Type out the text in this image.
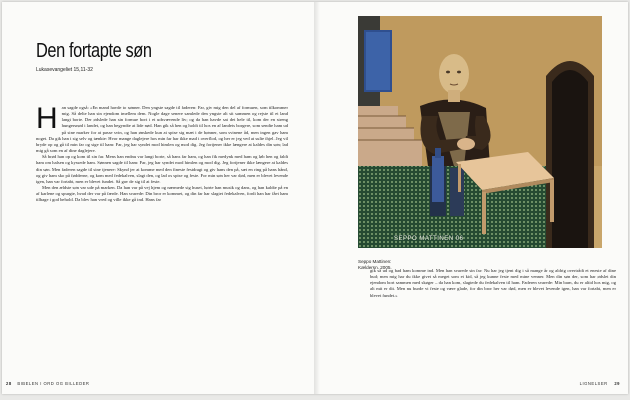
Den fortapte søn
Lukasevangeliet 15,11-32
H an sagde også: «En mand havde to sønner. Den yngste sagde til faderen: Far, giv mig den del af formuen, som tilkommer mig. Så delte han sin ejendom imellem dem. Nogle dage senere samlede den yngste alt sit sammen og rejste til et land langt borte. Der ødslede han sin formue bort i et udsvævende liv; og da han havde sat det hele til, kom der en streng hungersnød i landet, og han begyndte at lide nød. Han gik så hen og holdt til hos en af landets borgere, som sendte ham ud på sine marker for at passe svin, og han ønskede kun at spise sig mæt i de bønner, som svinene åd, men ingen gav ham noget. Da gik han i sig selv og tænkte: Hvor mange daglejere hos min far har ikke mad i overflod, og her er jeg ved at sulte ihjel. Jeg vil bryde op og gå til min far og sige til ham: Far, jeg har syndet mod himlen og mod dig. Jeg fortjener ikke længere at kaldes din søn; lad mig gå som en af dine daglejere.

Så brød han op og kom til sin far. Mens han endnu var langt borte, så hans far ham, og han fik medynk med ham og løb hen og faldt ham om halsen og kyssede ham. Sønnen sagde til ham: Far, jeg har syndet mod himlen og mod dig. Jeg fortjener ikke længere at kaldes din søn. Men faderen sagde til sine tjenere: Skynd jer at komme med den fineste festdragt og giv hans den på, sæt en ring på hans hånd, og giv ham sko på fødderne, og kom med fedekalven, slagt den, og lad os spise og feste. For min søn her var død, men er blevet levende igen, han var fortabt, men er blevet fundet. Så gav de sig til at feste.

Men den ældste søn var ude på marken. Da han var på vej hjem og nærmede sig huset, hørte han musik og dans, og han kaldte på en af karlene og spurgte, hvad der var på færde. Han svarede: Din bror er kommet, og din far har slagtet fedekalven, fordi han har fået ham tilbage i god behold. Da blev han vred og ville ikke gå ind. Hans far

SEPPO MATTINEN 06
Seppo Mattinen:
Kældersn. 2005.

gik så ud og bad ham komme ind. Men han svarede sin far: Nu har jeg tjent dig i så mange år og aldrig overtrådt et eneste af dine bud; men mig har du ikke givet så meget som et kid, så jeg kunne feste med mine venner. Men din søn der, som har ødslet din ejendom bort sammen med skøger – da han kom, slagtede du fedekalven til ham. Faderen svarede: Min barn, du er altid hos mig, og alt mit er dit. Men nu burde vi feste og være glade, for din bror her var død, men er blevet levende igen, han var fortabt, men er blevet fundet.»

28 BIBELEN I ORD OG BILLEDER	LIGNELSER 29
